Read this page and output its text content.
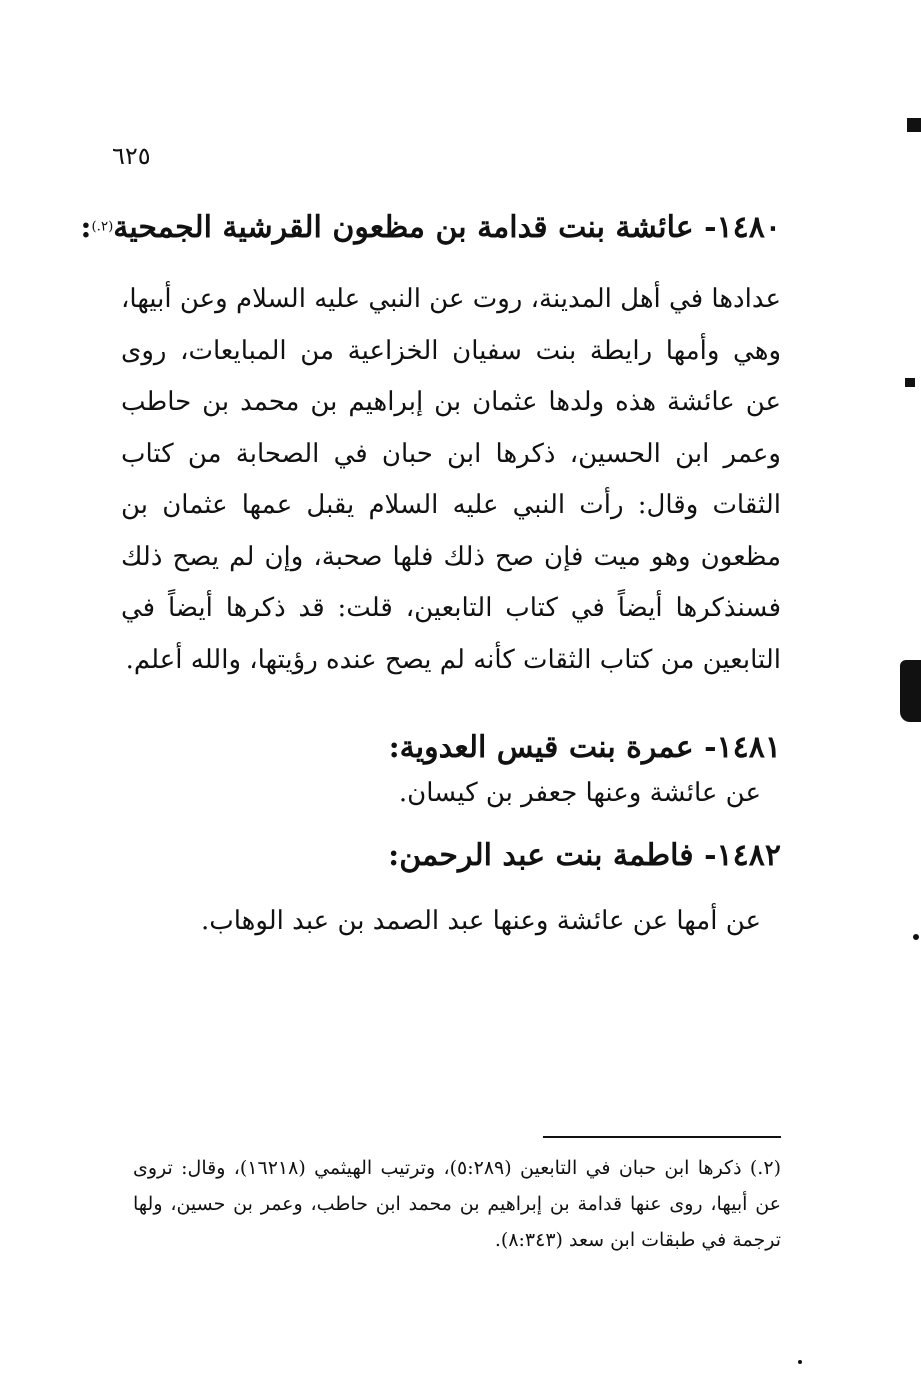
٦٢٥
١٤٨٠- عائشة بنت قدامة بن مظعون القرشية الجمحية$^{(٢.)}$:
عدادها في أهل المدينة، روت عن النبي عليه السلام وعن أبيها، وهي وأمها رايطة بنت سفيان الخزاعية من المبايعات، روى عن عائشة هذه ولدها عثمان بن إبراهيم بن محمد بن حاطب وعمر ابن الحسين، ذكرها ابن حبان في الصحابة من كتاب الثقات وقال: رأت النبي عليه السلام يقبل عمها عثمان بن مظعون وهو ميت فإن صح ذلك فلها صحبة، وإن لم يصح ذلك فسنذكرها أيضاً في كتاب التابعين، قلت: قد ذكرها أيضاً في التابعين من كتاب الثقات كأنه لم يصح عنده رؤيتها، والله أعلم.
١٤٨١- عمرة بنت قيس العدوية:
عن عائشة وعنها جعفر بن كيسان.
١٤٨٢- فاطمة بنت عبد الرحمن:
عن أمها عن عائشة وعنها عبد الصمد بن عبد الوهاب.
(٢.) ذكرها ابن حبان في التابعين (٥:٢٨٩)، وترتيب الهيثمي (١٦٢١٨)، وقال: تروى عن أبيها، روى عنها قدامة بن إبراهيم بن محمد ابن حاطب، وعمر بن حسين، ولها ترجمة في طبقات ابن سعد (٨:٣٤٣).
